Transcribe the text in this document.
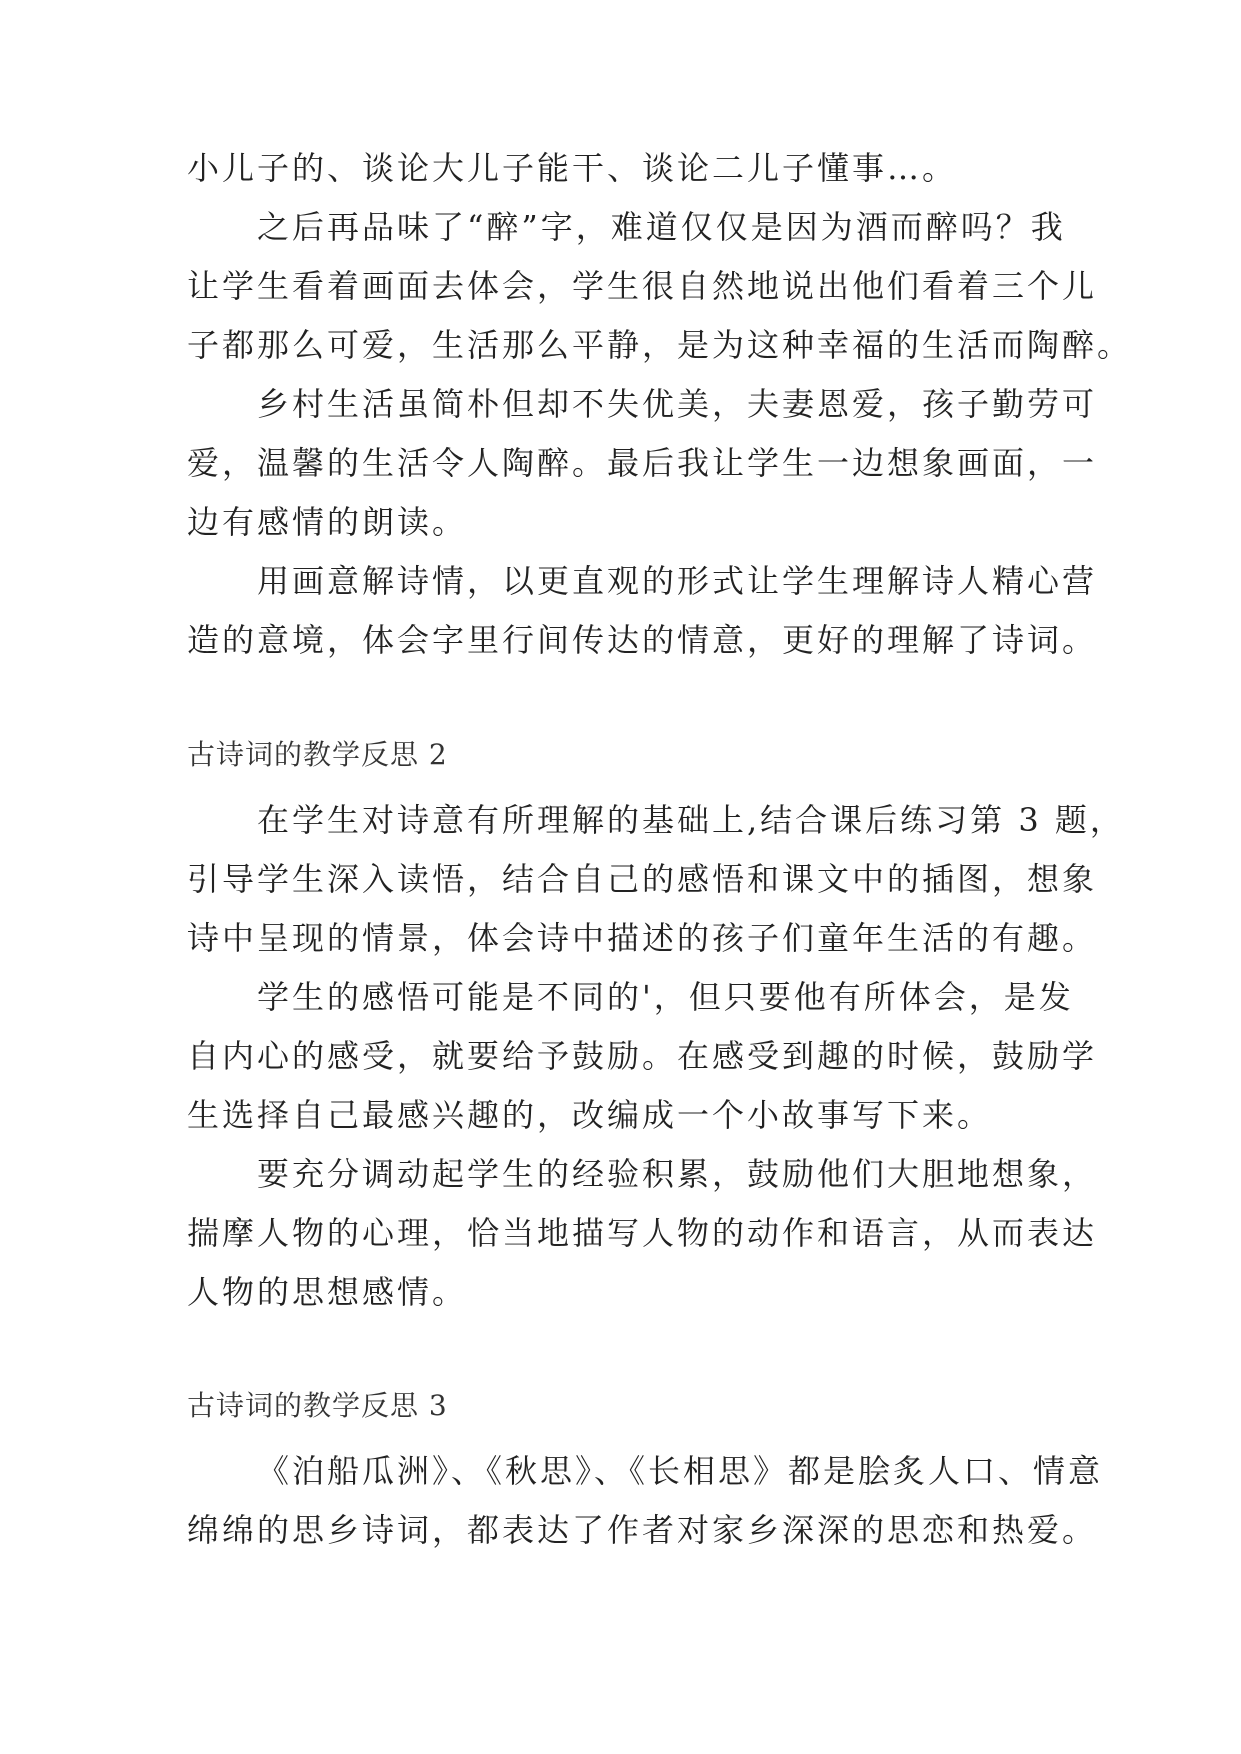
小儿子的、谈论大儿子能干、谈论二儿子懂事…。
之后再品味了“醉”字，难道仅仅是因为酒而醉吗？我
让学生看着画面去体会，学生很自然地说出他们看着三个儿
子都那么可爱，生活那么平静，是为这种幸福的生活而陶醉。
乡村生活虽简朴但却不失优美，夫妻恩爱，孩子勤劳可
爱，温馨的生活令人陶醉。最后我让学生一边想象画面，一
边有感情的朗读。
用画意解诗情，以更直观的形式让学生理解诗人精心营
造的意境，体会字里行间传达的情意，更好的理解了诗词。
古诗词的教学反思 2
在学生对诗意有所理解的基础上,结合课后练习第 3 题，
引导学生深入读悟，结合自己的感悟和课文中的插图，想象
诗中呈现的情景，体会诗中描述的孩子们童年生活的有趣。
学生的感悟可能是不同的'，但只要他有所体会，是发
自内心的感受，就要给予鼓励。在感受到趣的时候，鼓励学
生选择自己最感兴趣的，改编成一个小故事写下来。
要充分调动起学生的经验积累，鼓励他们大胆地想象，
揣摩人物的心理，恰当地描写人物的动作和语言，从而表达
人物的思想感情。
古诗词的教学反思 3
《泊船瓜洲》、《秋思》、《长相思》都是脍炙人口、情意
绵绵的思乡诗词，都表达了作者对家乡深深的思恋和热爱。
